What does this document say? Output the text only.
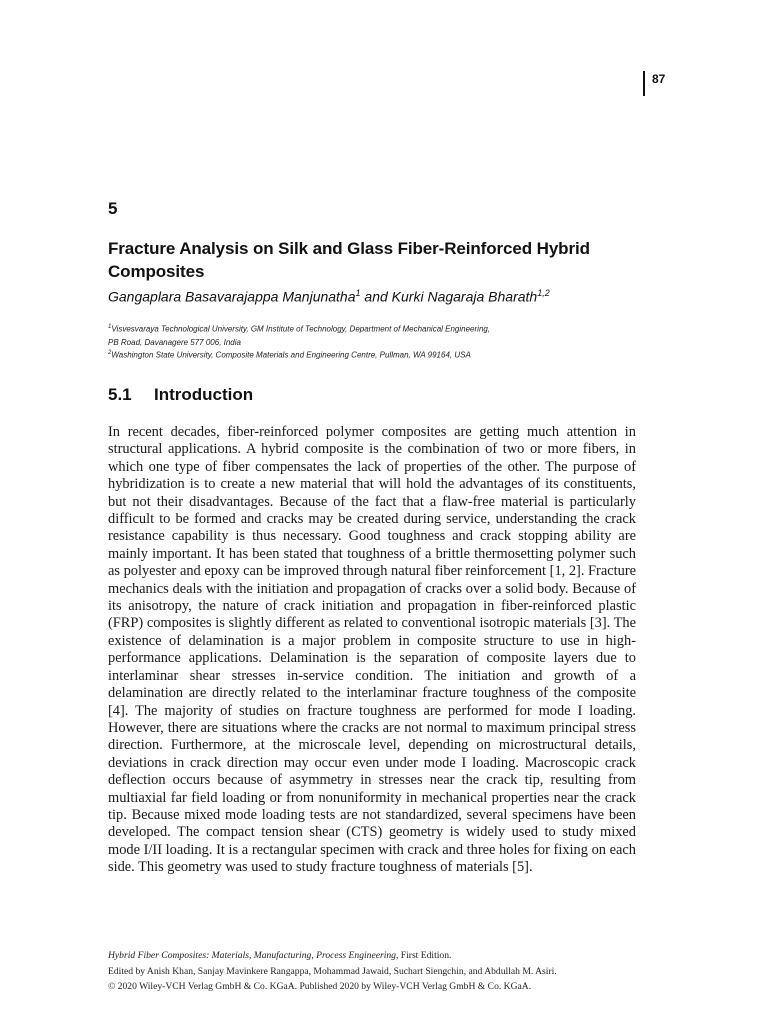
87
5
Fracture Analysis on Silk and Glass Fiber-Reinforced Hybrid Composites
Gangaplara Basavarajappa Manjunatha$^1$ and Kurki Nagaraja Bharath$^{1,2}$
$^1$Visvesvaraya Technological University, GM Institute of Technology, Department of Mechanical Engineering,
PB Road, Davanagere 577 006, India
$^2$Washington State University, Composite Materials and Engineering Centre, Pullman, WA 99164, USA
5.1 Introduction

In recent decades, fiber-reinforced polymer composites are getting much attention in structural applications. A hybrid composite is the combination of two or more fibers, in which one type of fiber compensates the lack of properties of the other. The purpose of hybridization is to create a new material that will hold the advantages of its constituents, but not their disadvantages. Because of the fact that a flaw-free material is particularly difficult to be formed and cracks may be created during service, understanding the crack resistance capability is thus necessary. Good toughness and crack stopping ability are mainly important. It has been stated that toughness of a brittle thermosetting polymer such as polyester and epoxy can be improved through natural fiber reinforcement [1, 2]. Fracture mechanics deals with the initiation and propagation of cracks over a solid body. Because of its anisotropy, the nature of crack initiation and propagation in fiber-reinforced plastic (FRP) composites is slightly different as related to conventional isotropic materials [3]. The existence of delamination is a major problem in composite structure to use in high-performance applications. Delamination is the separation of composite layers due to interlaminar shear stresses in-service condition. The initiation and growth of a delamination are directly related to the interlaminar fracture toughness of the composite [4]. The majority of studies on fracture toughness are performed for mode I loading. However, there are situations where the cracks are not normal to maximum principal stress direction. Furthermore, at the microscale level, depending on microstructural details, deviations in crack direction may occur even under mode I loading. Macroscopic crack deflection occurs because of asymmetry in stresses near the crack tip, resulting from multiaxial far field loading or from nonuniformity in mechanical properties near the crack tip. Because mixed mode loading tests are not standardized, several specimens have been developed. The compact tension shear (CTS) geometry is widely used to study mixed mode I/II loading. It is a rectangular specimen with crack and three holes for fixing on each side. This geometry was used to study fracture toughness of materials [5].

Hybrid Fiber Composites: Materials, Manufacturing, Process Engineering, First Edition.
Edited by Anish Khan, Sanjay Mavinkere Rangappa, Mohammad Jawaid, Suchart Siengchin, and Abdullah M. Asiri.
© 2020 Wiley-VCH Verlag GmbH & Co. KGaA. Published 2020 by Wiley-VCH Verlag GmbH & Co. KGaA.
